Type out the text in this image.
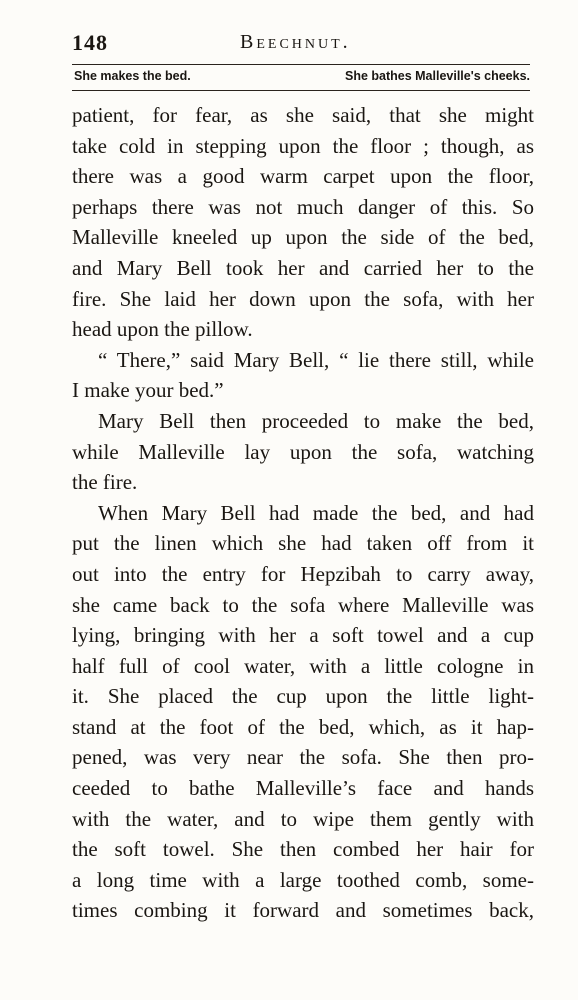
148	Beechnut.
She makes the bed.	She bathes Malleville's cheeks.
patient, for fear, as she said, that she might
take cold in stepping upon the floor ; though, as
there was a good warm carpet upon the floor,
perhaps there was not much danger of this. So
Malleville kneeled up upon the side of the bed,
and Mary Bell took her and carried her to the
fire. She laid her down upon the sofa, with her
head upon the pillow.
“ There,” said Mary Bell, “ lie there still, while
I make your bed.”
Mary Bell then proceeded to make the bed,
while Malleville lay upon the sofa, watching
the fire.
When Mary Bell had made the bed, and had
put the linen which she had taken off from it
out into the entry for Hepzibah to carry away,
she came back to the sofa where Malleville was
lying, bringing with her a soft towel and a cup
half full of cool water, with a little cologne in
it. She placed the cup upon the little light-
stand at the foot of the bed, which, as it hap-
pened, was very near the sofa. She then pro-
ceeded to bathe Malleville’s face and hands
with the water, and to wipe them gently with
the soft towel. She then combed her hair for
a long time with a large toothed comb, some-
times combing it forward and sometimes back,
